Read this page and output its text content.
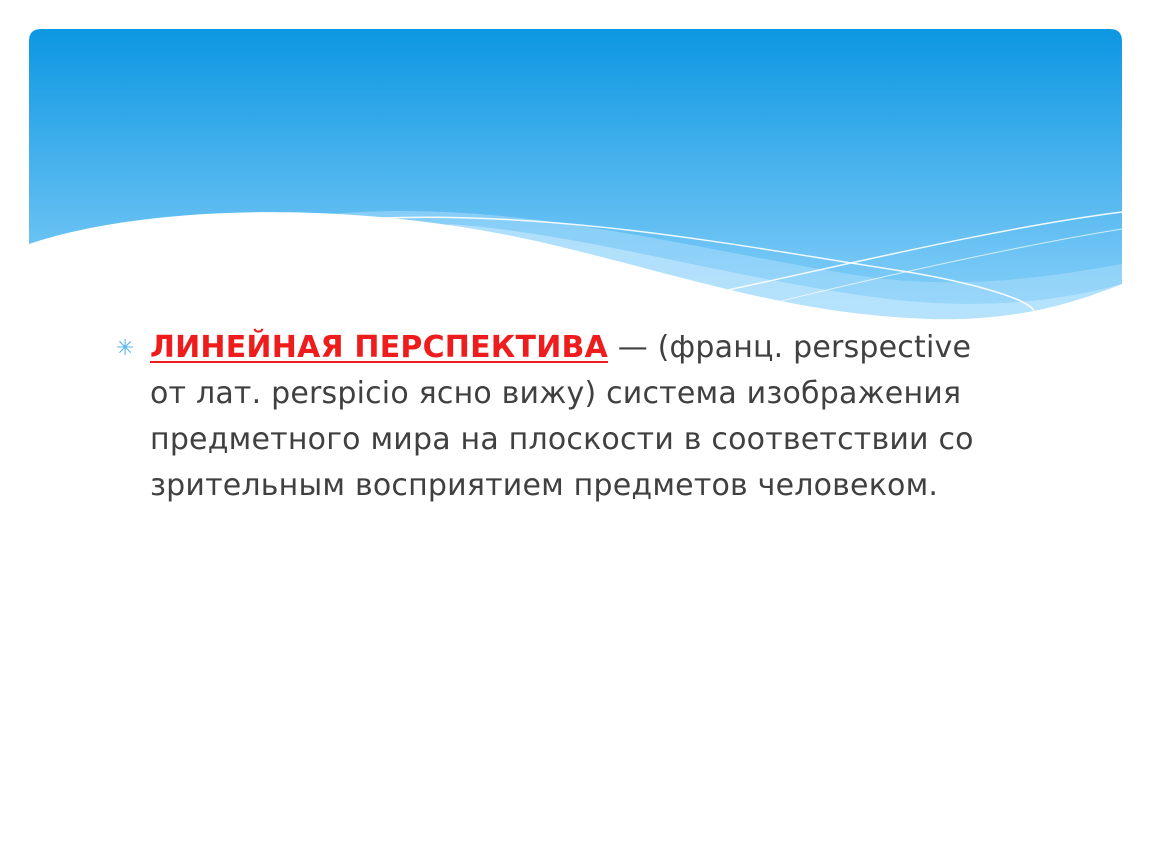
✳ ЛИНЕЙНАЯ ПЕРСПЕКТИВА — (франц. perspective от лат. perspicio ясно вижу) система изображения предметного мира на плоскости в соответствии со зрительным восприятием предметов человеком.
